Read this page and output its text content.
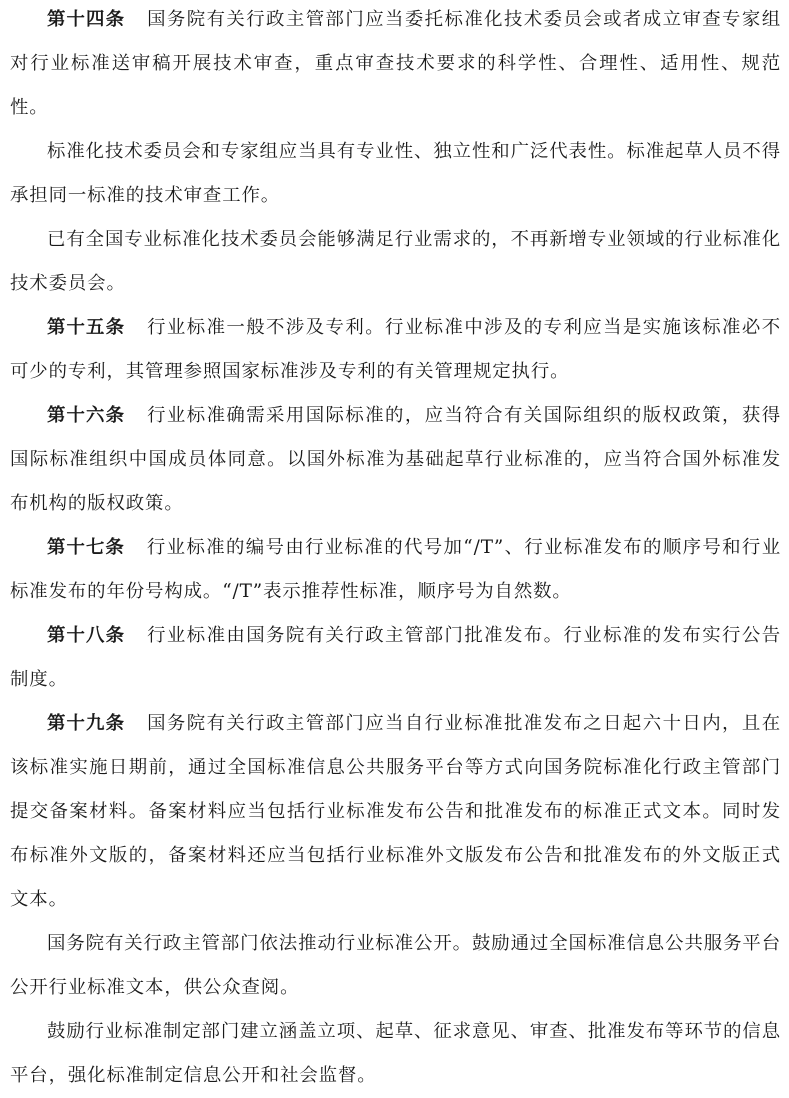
第十四条 国务院有关行政主管部门应当委托标准化技术委员会或者成立审查专家组对行业标准送审稿开展技术审查，重点审查技术要求的科学性、合理性、适用性、规范性。

标准化技术委员会和专家组应当具有专业性、独立性和广泛代表性。标准起草人员不得承担同一标准的技术审查工作。

已有全国专业标准化技术委员会能够满足行业需求的，不再新增专业领域的行业标准化技术委员会。

第十五条 行业标准一般不涉及专利。行业标准中涉及的专利应当是实施该标准必不可少的专利，其管理参照国家标准涉及专利的有关管理规定执行。

第十六条 行业标准确需采用国际标准的，应当符合有关国际组织的版权政策，获得国际标准组织中国成员体同意。以国外标准为基础起草行业标准的，应当符合国外标准发布机构的版权政策。

第十七条 行业标准的编号由行业标准的代号加“/T”、行业标准发布的顺序号和行业标准发布的年份号构成。“/T”表示推荐性标准，顺序号为自然数。

第十八条 行业标准由国务院有关行政主管部门批准发布。行业标准的发布实行公告制度。

第十九条 国务院有关行政主管部门应当自行业标准批准发布之日起六十日内，且在该标准实施日期前，通过全国标准信息公共服务平台等方式向国务院标准化行政主管部门提交备案材料。备案材料应当包括行业标准发布公告和批准发布的标准正式文本。同时发布标准外文版的，备案材料还应当包括行业标准外文版发布公告和批准发布的外文版正式文本。

国务院有关行政主管部门依法推动行业标准公开。鼓励通过全国标准信息公共服务平台公开行业标准文本，供公众查阅。

鼓励行业标准制定部门建立涵盖立项、起草、征求意见、审查、批准发布等环节的信息平台，强化标准制定信息公开和社会监督。
